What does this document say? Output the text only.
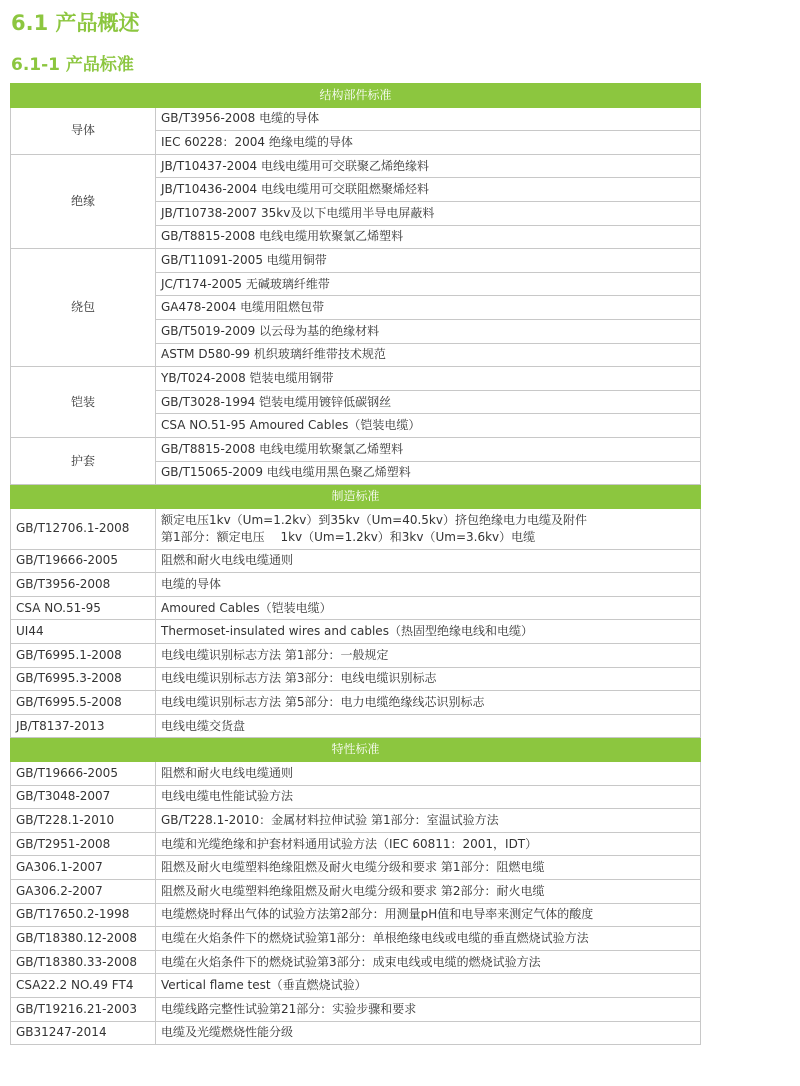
6.1 产品概述
6.1-1 产品标准
结构部件标准	
导体	GB/T3956-2008 电缆的导体
	IEC 60228：2004 绝缘电缆的导体
绝缘	JB/T10437-2004 电线电缆用可交联聚乙烯绝缘料
	JB/T10436-2004 电线电缆用可交联阻燃聚烯烃料
	JB/T10738-2007 35kv及以下电缆用半导电屏蔽料
	GB/T8815-2008 电线电缆用软聚氯乙烯塑料
绕包	GB/T11091-2005 电缆用铜带
	JC/T174-2005 无碱玻璃纤维带
	GA478-2004 电缆用阻燃包带
	GB/T5019-2009 以云母为基的绝缘材料
	ASTM D580-99 机织玻璃纤维带技术规范
铠装	YB/T024-2008 铠装电缆用钢带
	GB/T3028-1994 铠装电缆用镀锌低碳钢丝
	CSA NO.51-95 Amoured Cables（铠装电缆）
护套	GB/T8815-2008 电线电缆用软聚氯乙烯塑料
	GB/T15065-2009 电线电缆用黑色聚乙烯塑料
制造标准	
GB/T12706.1-2008	额定电压1kv（Um=1.2kv）到35kv（Um=40.5kv）挤包绝缘电力电缆及附件
第1部分：额定电压　 1kv（Um=1.2kv）和3kv（Um=3.6kv）电缆

GB/T19666-2005	阻燃和耐火电线电缆通则
GB/T3956-2008	电缆的导体
CSA NO.51-95	Amoured Cables（铠装电缆）
UI44	Thermoset-insulated wires and cables（热固型绝缘电线和电缆）
GB/T6995.1-2008	电线电缆识别标志方法 第1部分：一般规定
GB/T6995.3-2008	电线电缆识别标志方法 第3部分：电线电缆识别标志
GB/T6995.5-2008	电线电缆识别标志方法 第5部分：电力电缆绝缘线芯识别标志
JB/T8137-2013	电线电缆交货盘
特性标准	
GB/T19666-2005	阻燃和耐火电线电缆通则
GB/T3048-2007	电线电缆电性能试验方法
GB/T228.1-2010	GB/T228.1-2010：金属材料拉伸试验 第1部分：室温试验方法
GB/T2951-2008	电缆和光缆绝缘和护套材料通用试验方法（IEC 60811：2001，IDT）
GA306.1-2007	阻燃及耐火电缆塑料绝缘阻燃及耐火电缆分级和要求 第1部分：阻燃电缆
GA306.2-2007	阻燃及耐火电缆塑料绝缘阻燃及耐火电缆分级和要求 第2部分：耐火电缆
GB/T17650.2-1998	电缆燃烧时释出气体的试验方法第2部分：用测量pH值和电导率来测定气体的酸度
GB/T18380.12-2008	电缆在火焰条件下的燃烧试验第1部分：单根绝缘电线或电缆的垂直燃烧试验方法
GB/T18380.33-2008	电缆在火焰条件下的燃烧试验第3部分：成束电线或电缆的燃烧试验方法
CSA22.2 NO.49 FT4	Vertical flame test（垂直燃烧试验）
GB/T19216.21-2003	电缆线路完整性试验第21部分：实验步骤和要求
GB31247-2014	电缆及光缆燃烧性能分级
